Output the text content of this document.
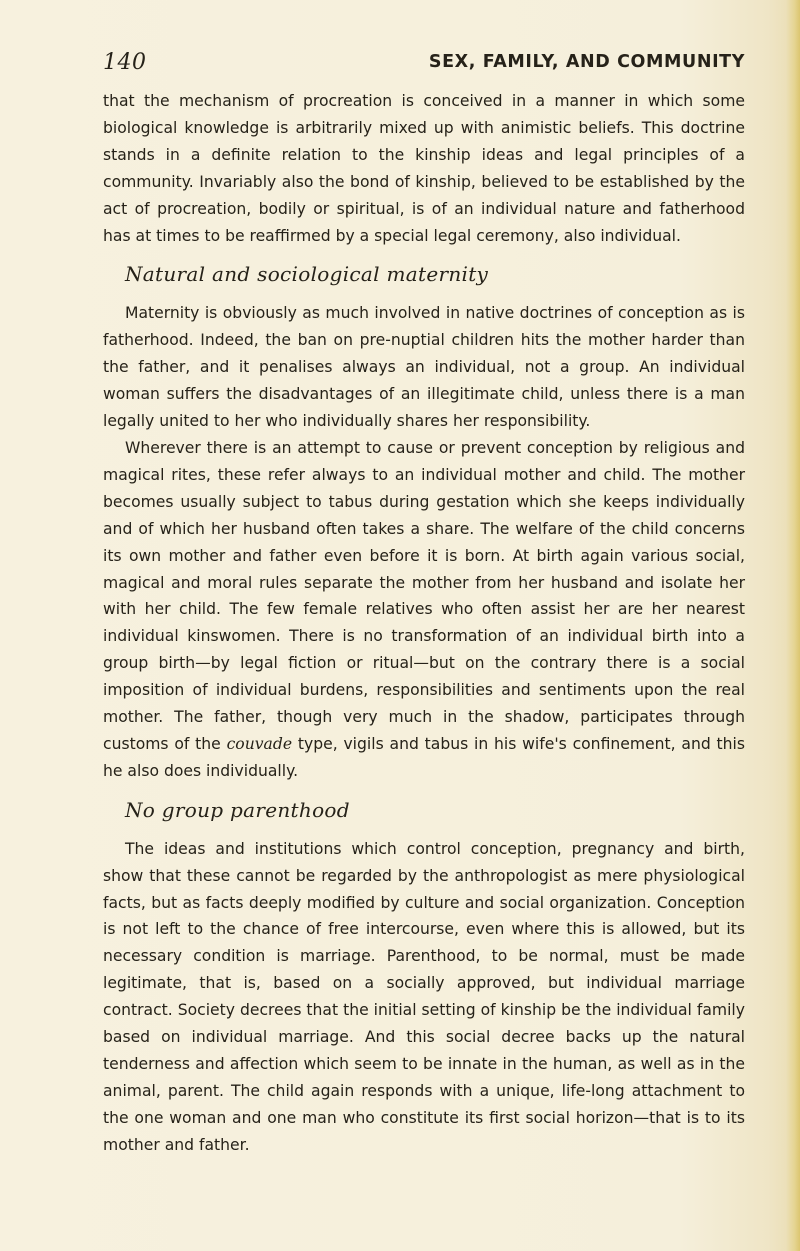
140	SEX, FAMILY, AND COMMUNITY

that the mechanism of procreation is conceived in a manner in which some biological knowledge is arbitrarily mixed up with animistic beliefs. This doctrine stands in a definite relation to the kinship ideas and legal principles of a community. Invariably also the bond of kinship, believed to be established by the act of procreation, bodily or spiritual, is of an individual nature and fatherhood has at times to be reaffirmed by a special legal ceremony, also individual.

Natural and sociological maternity

Maternity is obviously as much involved in native doctrines of conception as is fatherhood. Indeed, the ban on pre-nuptial children hits the mother harder than the father, and it penalises always an individual, not a group. An individual woman suffers the disadvantages of an illegitimate child, unless there is a man legally united to her who individually shares her responsibility.

Wherever there is an attempt to cause or prevent conception by religious and magical rites, these refer always to an individual mother and child. The mother becomes usually subject to tabus during gestation which she keeps individually and of which her husband often takes a share. The welfare of the child concerns its own mother and father even before it is born. At birth again various social, magical and moral rules separate the mother from her husband and isolate her with her child. The few female relatives who often assist her are her nearest individual kinswomen. There is no transformation of an individual birth into a group birth—by legal fiction or ritual—but on the contrary there is a social imposition of individual burdens, responsibilities and sentiments upon the real mother. The father, though very much in the shadow, participates through customs of the couvade type, vigils and tabus in his wife's confinement, and this he also does individually.

No group parenthood

The ideas and institutions which control conception, pregnancy and birth, show that these cannot be regarded by the anthropologist as mere physiological facts, but as facts deeply modified by culture and social organization. Conception is not left to the chance of free intercourse, even where this is allowed, but its necessary condition is marriage. Parenthood, to be normal, must be made legitimate, that is, based on a socially approved, but individual marriage contract. Society decrees that the initial setting of kinship be the individual family based on individual marriage. And this social decree backs up the natural tenderness and affection which seem to be innate in the human, as well as in the animal, parent. The child again responds with a unique, life-long attachment to the one woman and one man who constitute its first social horizon—that is to its mother and father.
